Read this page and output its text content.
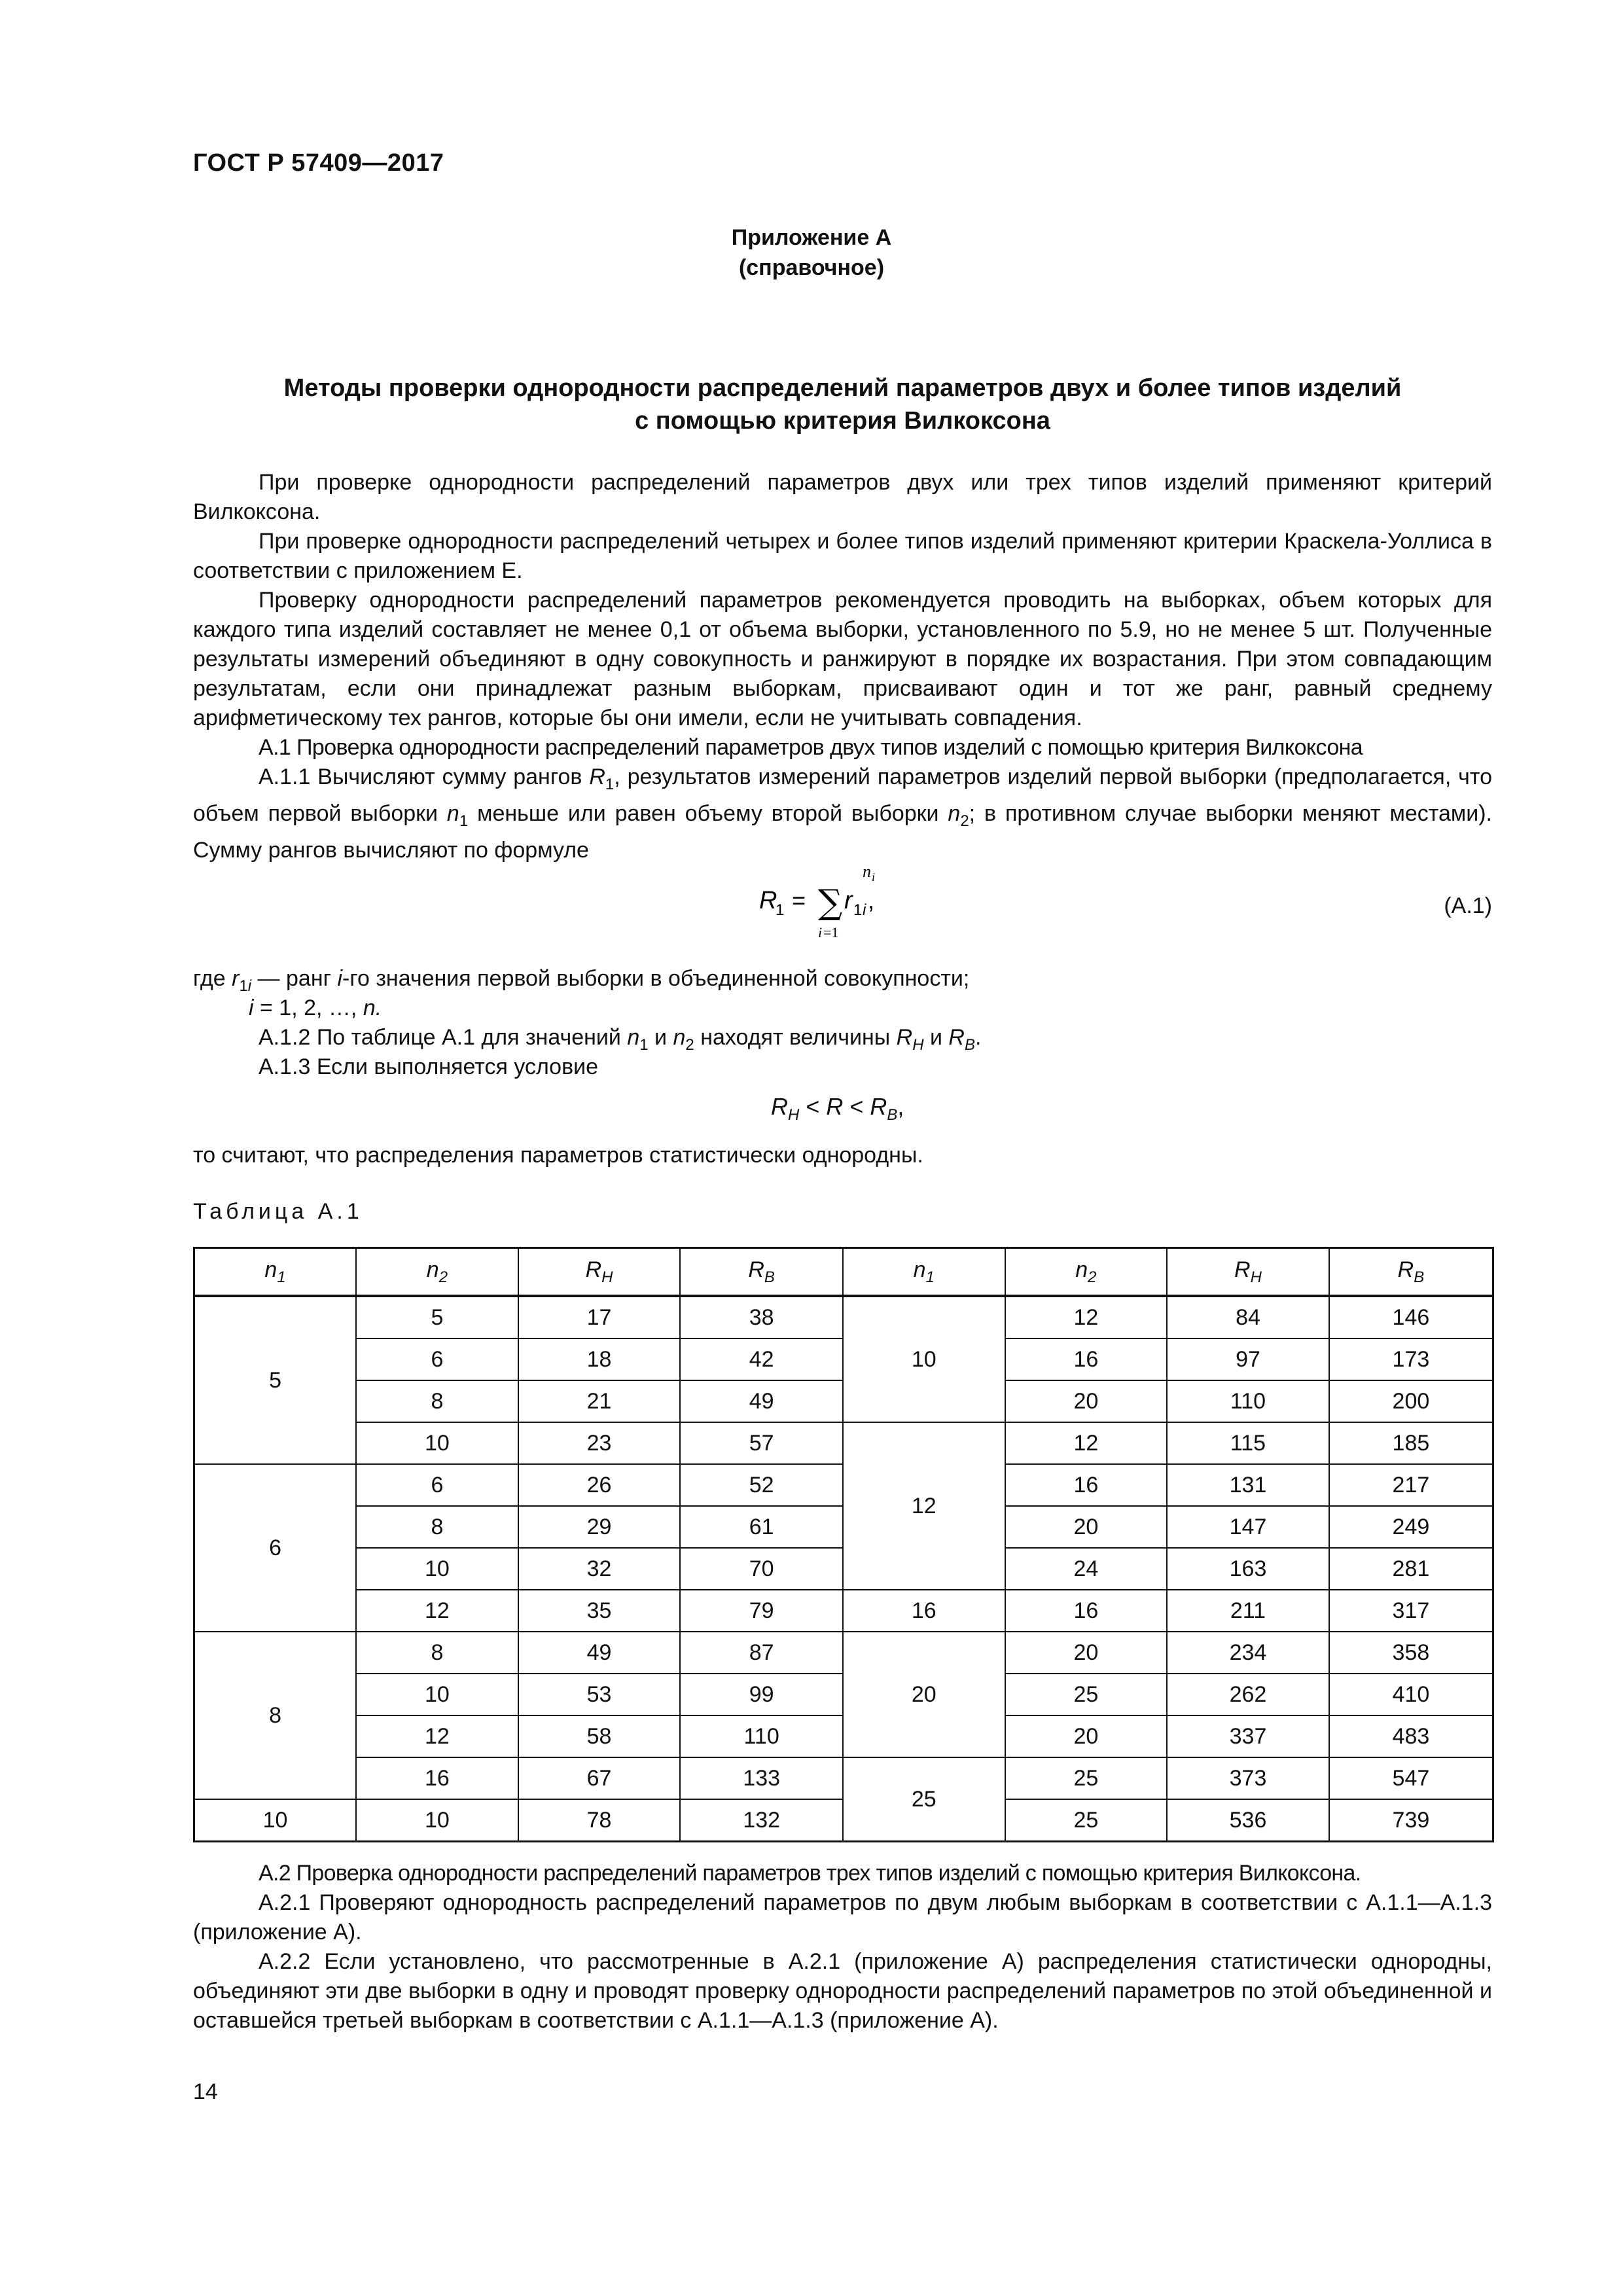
ГОСТ Р 57409—2017
Приложение А
(справочное)
Методы проверки однородности распределений параметров двух и более типов изделий
с помощью критерия Вилкоксона
При проверке однородности распределений параметров двух или трех типов изделий применяют критерий Вилкоксона.
При проверке однородности распределений четырех и более типов изделий применяют критерии Краскела-Уоллиса в соответствии с приложением Е.
Проверку однородности распределений параметров рекомендуется проводить на выборках, объем которых для каждого типа изделий составляет не менее 0,1 от объема выборки, установленного по 5.9, но не менее 5 шт. Полученные результаты измерений объединяют в одну совокупность и ранжируют в порядке их возрастания. При этом совпадающим результатам, если они принадлежат разным выборкам, присваивают один и тот же ранг, равный среднему арифметическому тех рангов, которые бы они имели, если не учитывать совпадения.
А.1 Проверка однородности распределений параметров двух типов изделий с помощью критерия Вилкоксона
А.1.1 Вычисляют сумму рангов $R_1$, результатов измерений параметров изделий первой выборки (предполагается, что объем первой выборки $n_1$ меньше или равен объему второй выборки $n_2$; в противном случае выборки меняют местами). Сумму рангов вычисляют по формуле
n i
R
1 = ∑ r 1 i ,
i =1
(А.1)
где $r_{1i}$ — ранг i-го значения первой выборки в объединенной совокупности;
i = 1, 2, …, n.
А.1.2 По таблице А.1 для значений $n_1$ и $n_2$ находят величины $R_H$ и $R_B$.
А.1.3 Если выполняется условие
$R_H < R < R_B$,
то считают, что распределения параметров статистически однородны.
Таблица А.1
$n_1$	$n_2$	$R_H$	$R_B$	$n_1$	$n_2$	$R_H$	$R_B$
5	5	17	38	10	12	84	146
	6	18	42		16	97	173
	8	21	49		20	110	200
	10	23	57	12	12	115	185
6	6	26	52		16	131	217
	8	29	61		20	147	249
	10	32	70		24	163	281
	12	35	79	16	16	211	317
8	8	49	87	20	20	234	358
	10	53	99		25	262	410
	12	58	110		20	337	483
	16	67	133	25	25	373	547
10	10	78	132		25	536	739
А.2 Проверка однородности распределений параметров трех типов изделий с помощью критерия Вилкоксона.
А.2.1 Проверяют однородность распределений параметров по двум любым выборкам в соответствии с А.1.1—А.1.3 (приложение А).
А.2.2 Если установлено, что рассмотренные в А.2.1 (приложение А) распределения статистически однородны, объединяют эти две выборки в одну и проводят проверку однородности распределений параметров по этой объединенной и оставшейся третьей выборкам в соответствии с А.1.1—А.1.3 (приложение А).
14
